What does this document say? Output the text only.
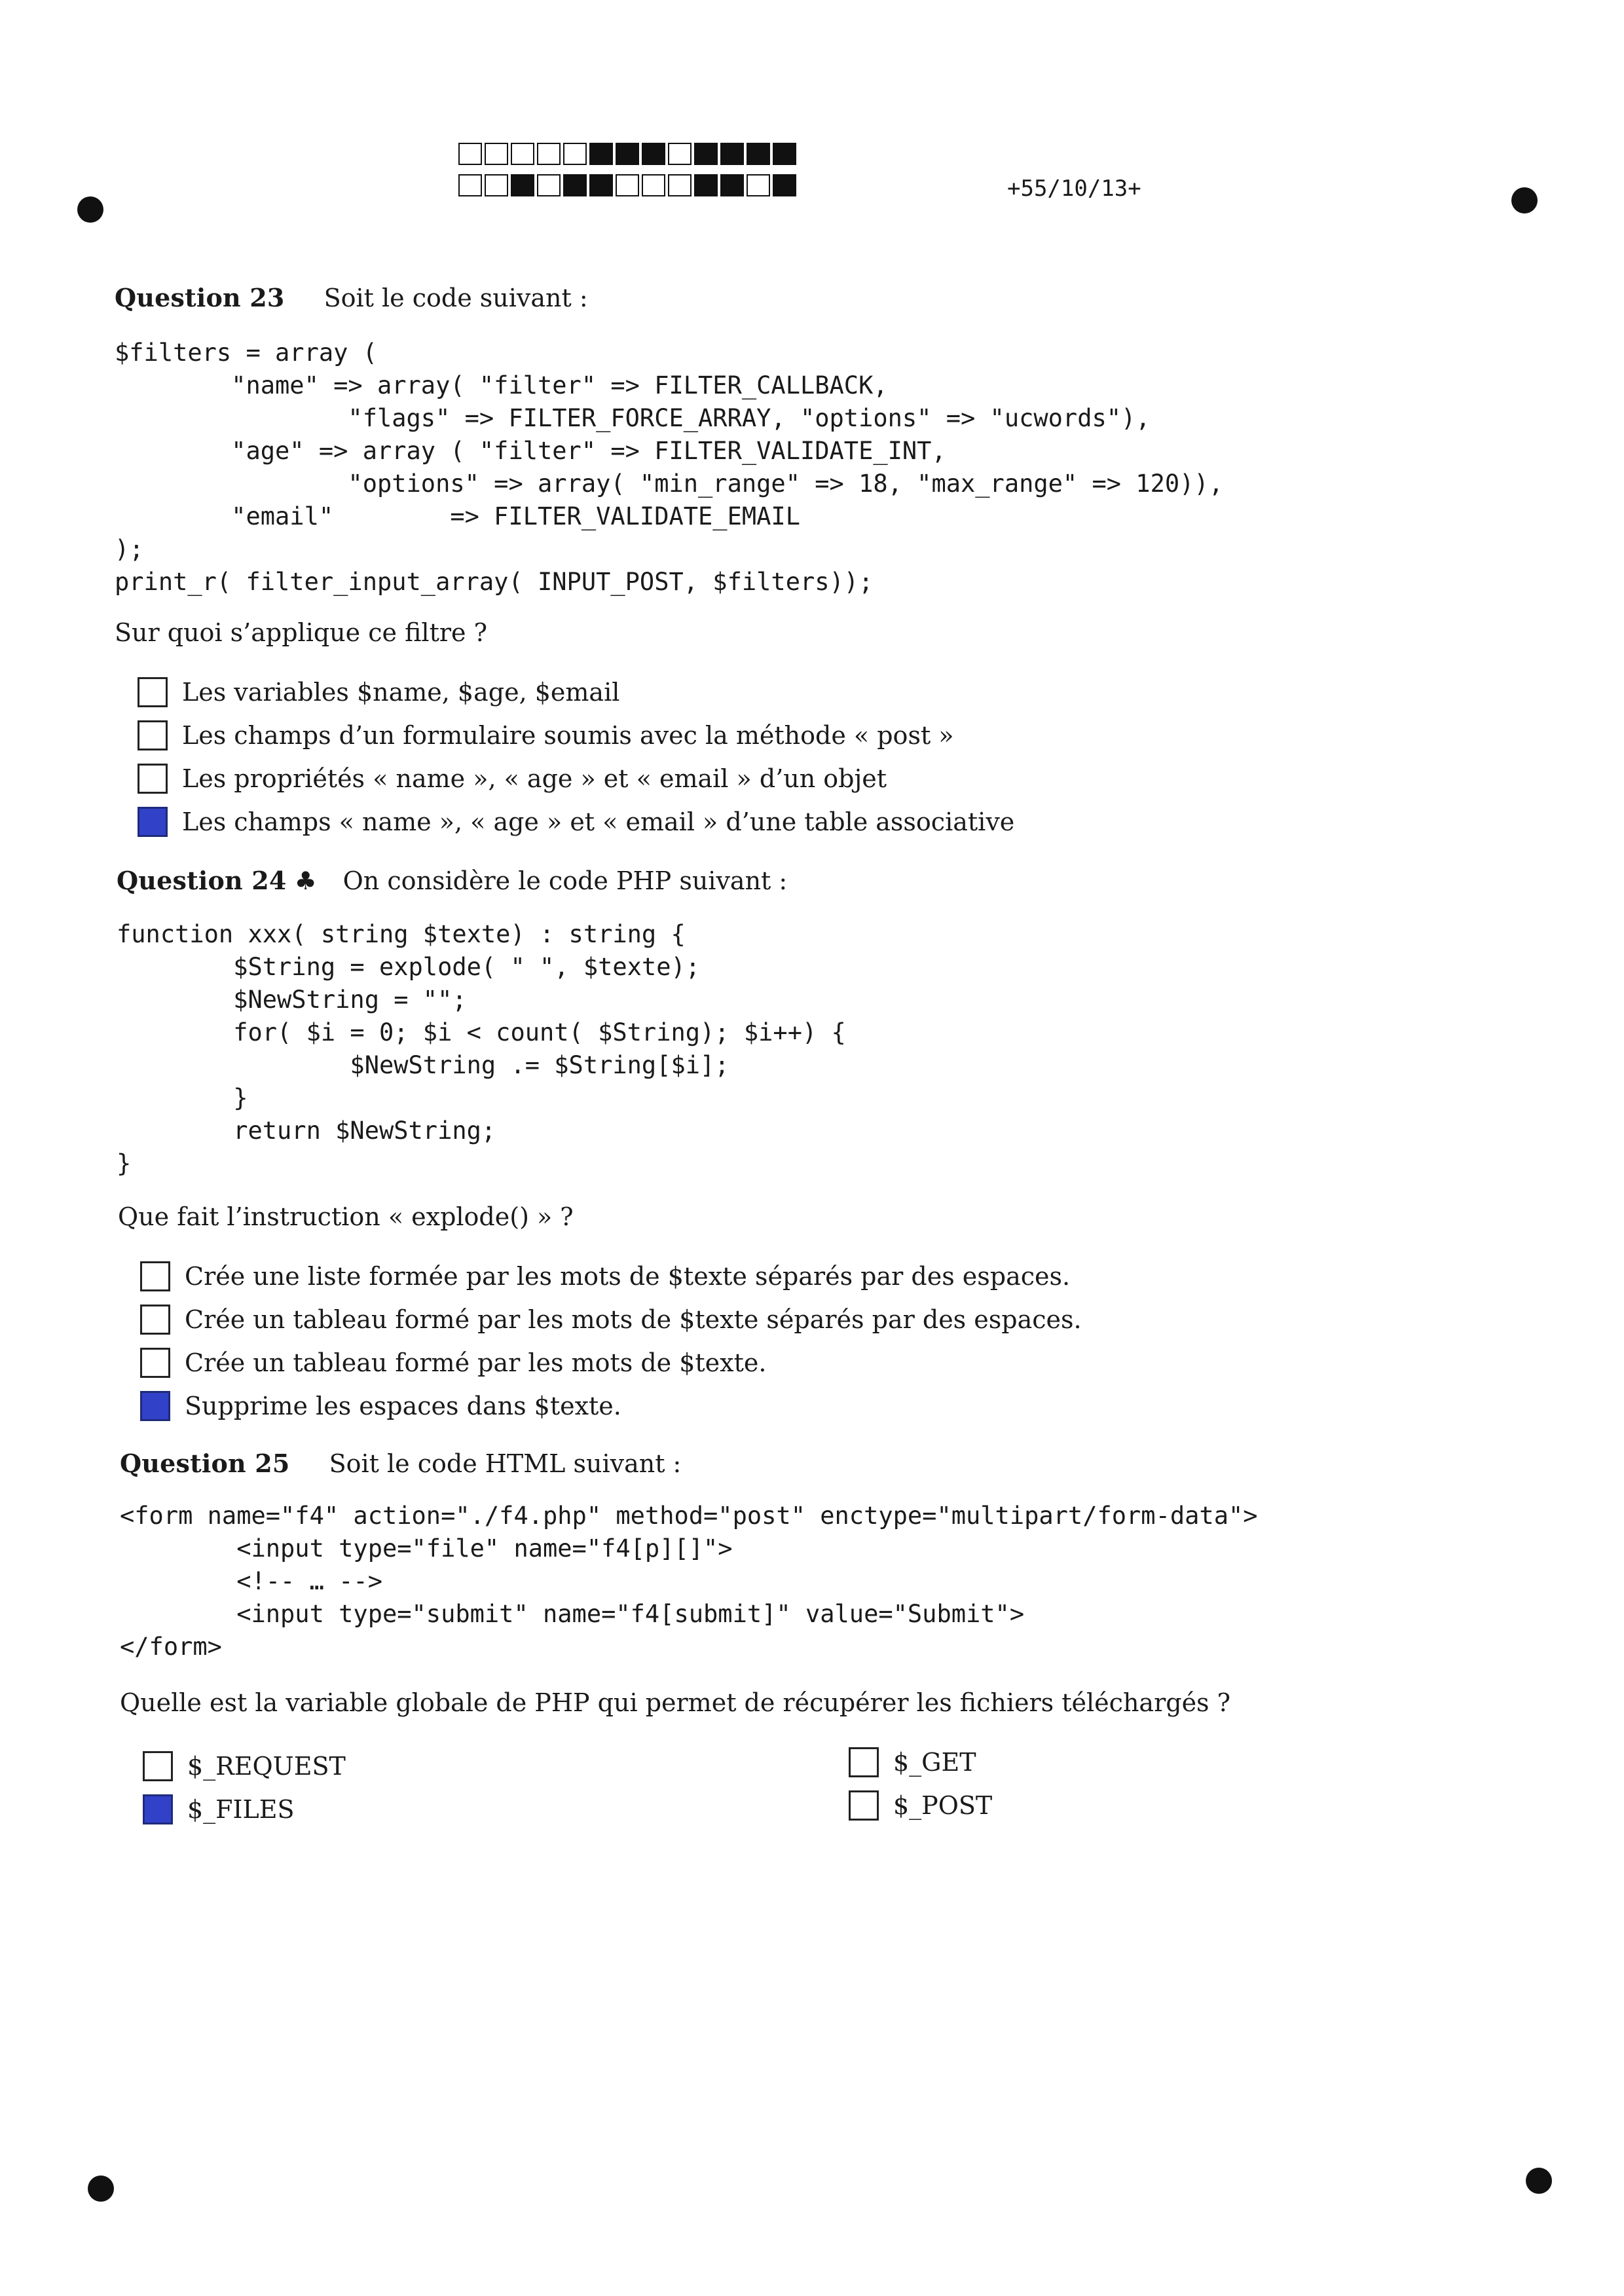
+55/10/13+
Question 23 Soit le code suivant :
$filters = array (
"name" => array( "filter" => FILTER_CALLBACK,
"flags" => FILTER_FORCE_ARRAY, "options" => "ucwords"),
"age" => array ( "filter" => FILTER_VALIDATE_INT,
"options" => array( "min_range" => 18, "max_range" => 120)),
"email"        => FILTER_VALIDATE_EMAIL
);
print_r( filter_input_array( INPUT_POST, $filters));
Sur quoi s’applique ce filtre ?
Les variables $name, $age, $email
Les champs d’un formulaire soumis avec la méthode « post »
Les propriétés « name », « age » et « email » d’un objet
Les champs « name », « age » et « email » d’une table associative
Question 24 ♣ On considère le code PHP suivant :
function xxx( string $texte) : string {
$String = explode( " ", $texte);
$NewString = "";
for( $i = 0; $i < count( $String); $i++) {
$NewString .= $String[$i];
}
return $NewString;
}
Que fait l’instruction « explode() » ?
Crée une liste formée par les mots de $texte séparés par des espaces.
Crée un tableau formé par les mots de $texte séparés par des espaces.
Crée un tableau formé par les mots de $texte.
Supprime les espaces dans $texte.
Question 25 Soit le code HTML suivant :
<form name="f4" action="./f4.php" method="post" enctype="multipart/form-data">
<input type="file" name="f4[p][]">
<!-- … -->
<input type="submit" name="f4[submit]" value="Submit">
</form>
Quelle est la variable globale de PHP qui permet de récupérer les fichiers téléchargés ?
$_REQUEST
$_FILES
$_GET
$_POST
